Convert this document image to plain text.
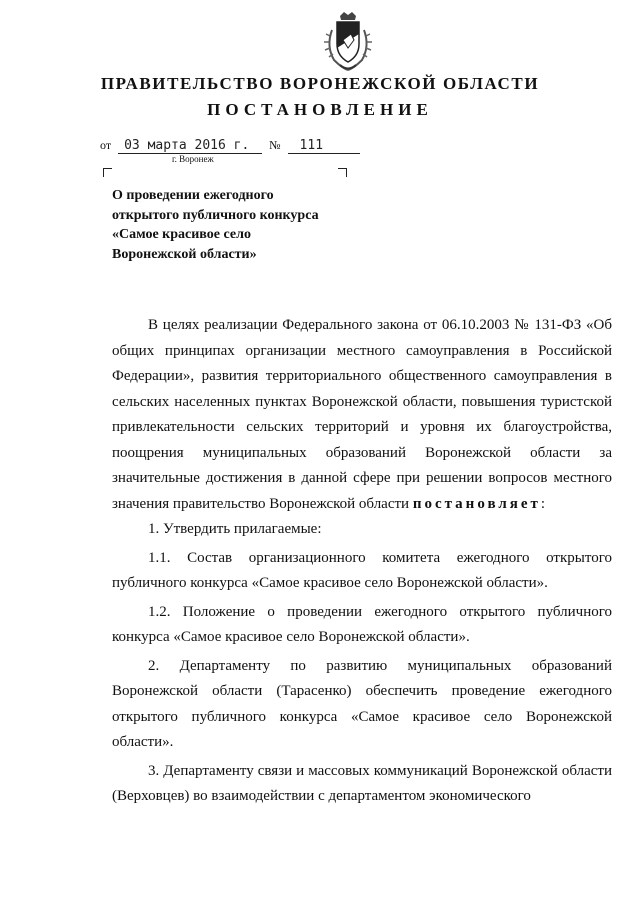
ПРАВИТЕЛЬСТВО ВОРОНЕЖСКОЙ ОБЛАСТИ
ПОСТАНОВЛЕНИЕ
от 03 марта 2016 г. № 111
г. Воронеж
О проведении ежегодного
открытого публичного конкурса
«Самое красивое село
Воронежской области»

В целях реализации Федерального закона от 06.10.2003 № 131-ФЗ «Об общих принципах организации местного самоуправления в Российской Федерации», развития территориального общественного самоуправления в сельских населенных пунктах Воронежской области, повышения туристской привлекательности сельских территорий и уровня их благоустройства, поощрения муниципальных образований Воронежской области за значительные достижения в данной сфере при решении вопросов местного значения правительство Воронежской области постановляет:

1. Утвердить прилагаемые:

1.1. Состав организационного комитета ежегодного открытого публичного конкурса «Самое красивое село Воронежской области».

1.2. Положение о проведении ежегодного открытого публичного конкурса «Самое красивое село Воронежской области».

2. Департаменту по развитию муниципальных образований Воронежской области (Тарасенко) обеспечить проведение ежегодного открытого публичного конкурса «Самое красивое село Воронежской области».

3. Департаменту связи и массовых коммуникаций Воронежской области (Верховцев) во взаимодействии с департаментом экономического
